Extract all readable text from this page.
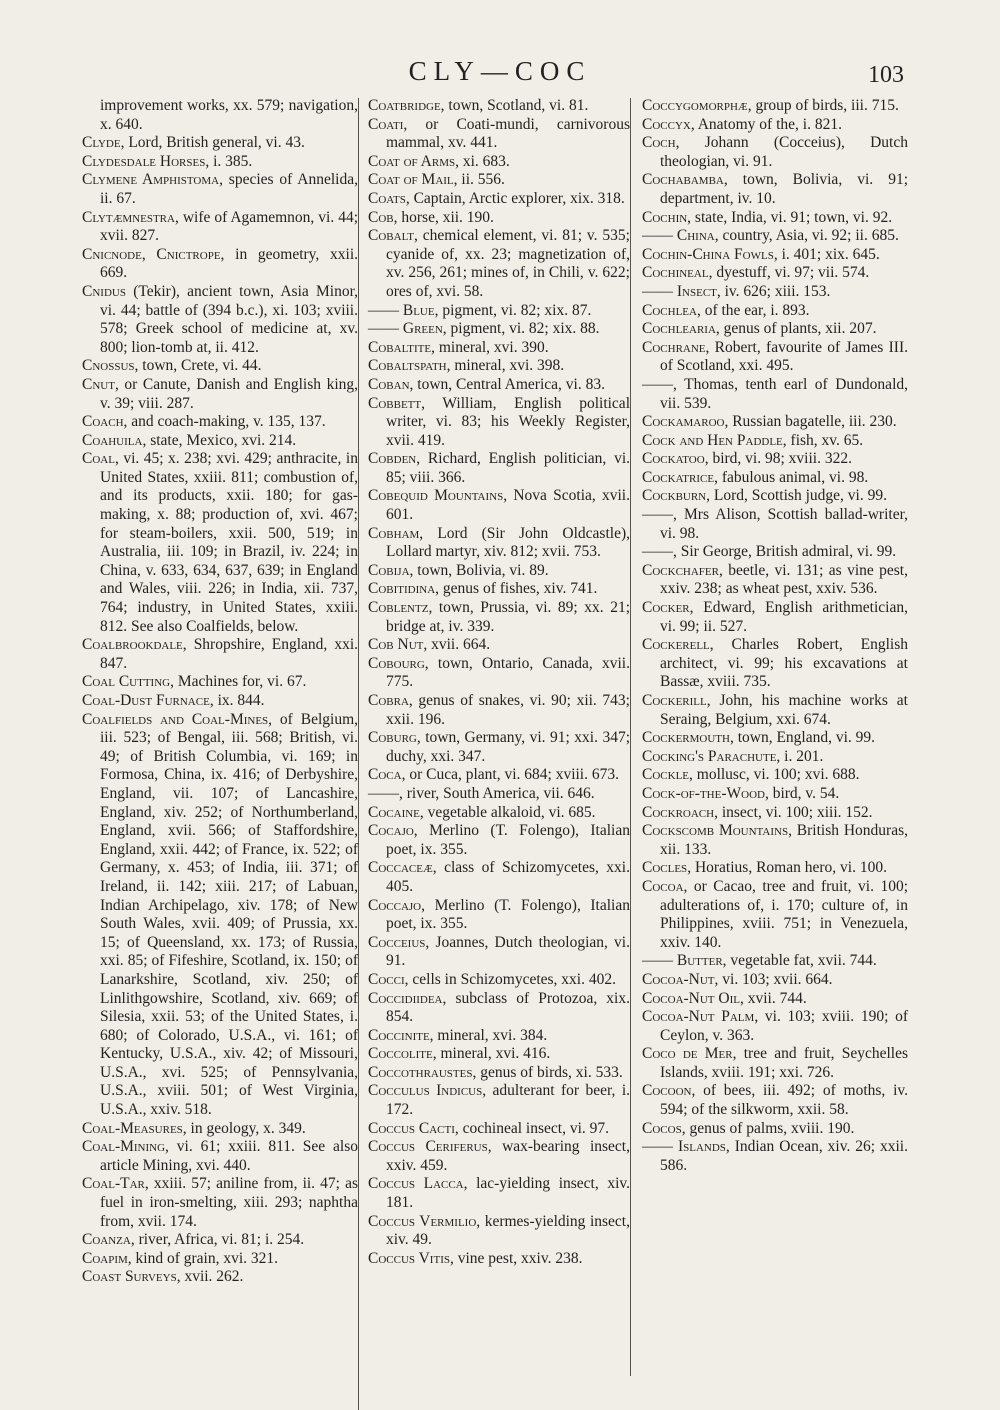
CLY—COC	103

improvement works, xx. 579; navigation, x. 640.

Clyde, Lord, British general, vi. 43.

Clydesdale Horses, i. 385.

Clymene Amphistoma, species of Annelida, ii. 67.

Clytæmnestra, wife of Agamemnon, vi. 44; xvii. 827.

Cnicnode, Cnictrope, in geometry, xxii. 669.

Cnidus (Tekir), ancient town, Asia Minor, vi. 44; battle of (394 b.c.), xi. 103; xviii. 578; Greek school of medicine at, xv. 800; lion-tomb at, ii. 412.

Cnossus, town, Crete, vi. 44.

Cnut, or Canute, Danish and English king, v. 39; viii. 287.

Coach, and coach-making, v. 135, 137.

Coahuila, state, Mexico, xvi. 214.

Coal, vi. 45; x. 238; xvi. 429; anthracite, in United States, xxiii. 811; combustion of, and its products, xxii. 180; for gas-making, x. 88; production of, xvi. 467; for steam-boilers, xxii. 500, 519; in Australia, iii. 109; in Brazil, iv. 224; in China, v. 633, 634, 637, 639; in England and Wales, viii. 226; in India, xii. 737, 764; industry, in United States, xxiii. 812. See also Coalfields, below.

Coalbrookdale, Shropshire, England, xxi. 847.

Coal Cutting, Machines for, vi. 67.

Coal-Dust Furnace, ix. 844.

Coalfields and Coal-Mines, of Belgium, iii. 523; of Bengal, iii. 568; British, vi. 49; of British Columbia, vi. 169; in Formosa, China, ix. 416; of Derbyshire, England, vii. 107; of Lancashire, England, xiv. 252; of Northumberland, England, xvii. 566; of Staffordshire, England, xxii. 442; of France, ix. 522; of Germany, x. 453; of India, iii. 371; of Ireland, ii. 142; xiii. 217; of Labuan, Indian Archipelago, xiv. 178; of New South Wales, xvii. 409; of Prussia, xx. 15; of Queensland, xx. 173; of Russia, xxi. 85; of Fifeshire, Scotland, ix. 150; of Lanarkshire, Scotland, xiv. 250; of Linlithgowshire, Scotland, xiv. 669; of Silesia, xxii. 53; of the United States, i. 680; of Colorado, U.S.A., vi. 161; of Kentucky, U.S.A., xiv. 42; of Missouri, U.S.A., xvi. 525; of Pennsylvania, U.S.A., xviii. 501; of West Virginia, U.S.A., xxiv. 518.

Coal-Measures, in geology, x. 349.

Coal-Mining, vi. 61; xxiii. 811. See also article Mining, xvi. 440.

Coal-Tar, xxiii. 57; aniline from, ii. 47; as fuel in iron-smelting, xiii. 293; naphtha from, xvii. 174.

Coanza, river, Africa, vi. 81; i. 254.

Coapim, kind of grain, xvi. 321.

Coast Surveys, xvii. 262.

Coatbridge, town, Scotland, vi. 81.

Coati, or Coati-mundi, carnivorous mammal, xv. 441.

Coat of Arms, xi. 683.

Coat of Mail, ii. 556.

Coats, Captain, Arctic explorer, xix. 318.

Cob, horse, xii. 190.

Cobalt, chemical element, vi. 81; v. 535; cyanide of, xx. 23; magnetization of, xv. 256, 261; mines of, in Chili, v. 622; ores of, xvi. 58.

—— Blue, pigment, vi. 82; xix. 87.

—— Green, pigment, vi. 82; xix. 88.

Cobaltite, mineral, xvi. 390.

Cobaltspath, mineral, xvi. 398.

Coban, town, Central America, vi. 83.

Cobbett, William, English political writer, vi. 83; his Weekly Register, xvii. 419.

Cobden, Richard, English politician, vi. 85; viii. 366.

Cobequid Mountains, Nova Scotia, xvii. 601.

Cobham, Lord (Sir John Oldcastle), Lollard martyr, xiv. 812; xvii. 753.

Cobija, town, Bolivia, vi. 89.

Cobitidina, genus of fishes, xiv. 741.

Coblentz, town, Prussia, vi. 89; xx. 21; bridge at, iv. 339.

Cob Nut, xvii. 664.

Cobourg, town, Ontario, Canada, xvii. 775.

Cobra, genus of snakes, vi. 90; xii. 743; xxii. 196.

Coburg, town, Germany, vi. 91; xxi. 347; duchy, xxi. 347.

Coca, or Cuca, plant, vi. 684; xviii. 673.

——, river, South America, vii. 646.

Cocaine, vegetable alkaloid, vi. 685.

Cocajo, Merlino (T. Folengo), Italian poet, ix. 355.

Coccaceæ, class of Schizomycetes, xxi. 405.

Coccajo, Merlino (T. Folengo), Italian poet, ix. 355.

Cocceius, Joannes, Dutch theologian, vi. 91.

Cocci, cells in Schizomycetes, xxi. 402.

Coccidiidea, subclass of Protozoa, xix. 854.

Coccinite, mineral, xvi. 384.

Coccolite, mineral, xvi. 416.

Coccothraustes, genus of birds, xi. 533.

Cocculus Indicus, adulterant for beer, i. 172.

Coccus Cacti, cochineal insect, vi. 97.

Coccus Ceriferus, wax-bearing insect, xxiv. 459.

Coccus Lacca, lac-yielding insect, xiv. 181.

Coccus Vermilio, kermes-yielding insect, xiv. 49.

Coccus Vitis, vine pest, xxiv. 238.

Coccygomorphæ, group of birds, iii. 715.

Coccyx, Anatomy of the, i. 821.

Coch, Johann (Cocceius), Dutch theologian, vi. 91.

Cochabamba, town, Bolivia, vi. 91; department, iv. 10.

Cochin, state, India, vi. 91; town, vi. 92.

—— China, country, Asia, vi. 92; ii. 685.

Cochin-China Fowls, i. 401; xix. 645.

Cochineal, dyestuff, vi. 97; vii. 574.

—— Insect, iv. 626; xiii. 153.

Cochlea, of the ear, i. 893.

Cochlearia, genus of plants, xii. 207.

Cochrane, Robert, favourite of James III. of Scotland, xxi. 495.

——, Thomas, tenth earl of Dundonald, vii. 539.

Cockamaroo, Russian bagatelle, iii. 230.

Cock and Hen Paddle, fish, xv. 65.

Cockatoo, bird, vi. 98; xviii. 322.

Cockatrice, fabulous animal, vi. 98.

Cockburn, Lord, Scottish judge, vi. 99.

——, Mrs Alison, Scottish ballad-writer, vi. 98.

——, Sir George, British admiral, vi. 99.

Cockchafer, beetle, vi. 131; as vine pest, xxiv. 238; as wheat pest, xxiv. 536.

Cocker, Edward, English arithmetician, vi. 99; ii. 527.

Cockerell, Charles Robert, English architect, vi. 99; his excavations at Bassæ, xviii. 735.

Cockerill, John, his machine works at Seraing, Belgium, xxi. 674.

Cockermouth, town, England, vi. 99.

Cocking's Parachute, i. 201.

Cockle, mollusc, vi. 100; xvi. 688.

Cock-of-the-Wood, bird, v. 54.

Cockroach, insect, vi. 100; xiii. 152.

Cockscomb Mountains, British Honduras, xii. 133.

Cocles, Horatius, Roman hero, vi. 100.

Cocoa, or Cacao, tree and fruit, vi. 100; adulterations of, i. 170; culture of, in Philippines, xviii. 751; in Venezuela, xxiv. 140.

—— Butter, vegetable fat, xvii. 744.

Cocoa-Nut, vi. 103; xvii. 664.

Cocoa-Nut Oil, xvii. 744.

Cocoa-Nut Palm, vi. 103; xviii. 190; of Ceylon, v. 363.

Coco de Mer, tree and fruit, Seychelles Islands, xviii. 191; xxi. 726.

Cocoon, of bees, iii. 492; of moths, iv. 594; of the silkworm, xxii. 58.

Cocos, genus of palms, xviii. 190.

—— Islands, Indian Ocean, xiv. 26; xxii. 586.
